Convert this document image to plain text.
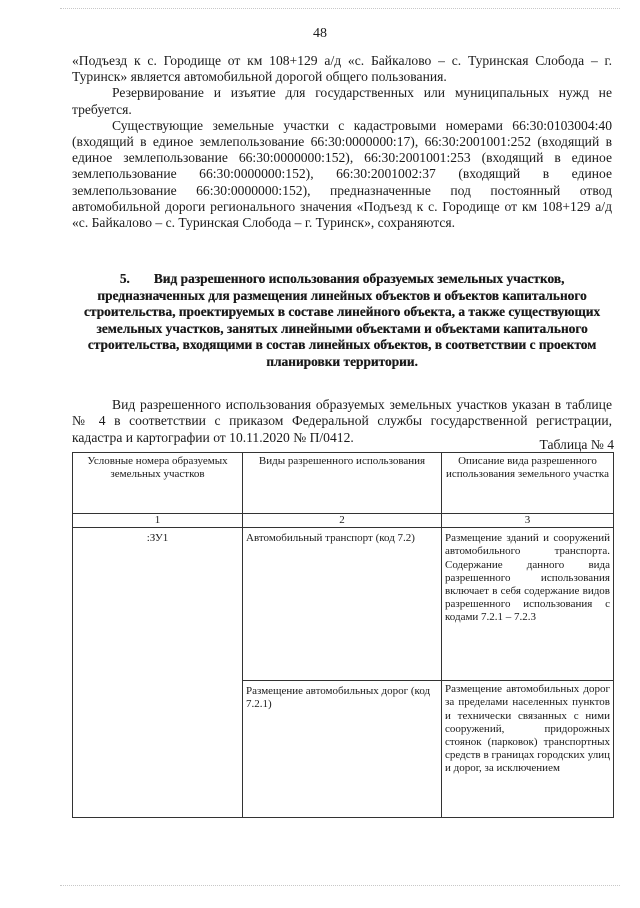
48

«Подъезд к с. Городище от км 108+129 а/д «с. Байкалово – с. Туринская Слобода – г. Туринск» является автомобильной дорогой общего пользования.

Резервирование и изъятие для государственных или муниципальных нужд не требуется.

Существующие земельные участки с кадастровыми номерами 66:30:0103004:40 (входящий в единое землепользование 66:30:0000000:17), 66:30:2001001:252 (входящий в единое землепользование 66:30:0000000:152), 66:30:2001001:253 (входящий в единое землепользование 66:30:0000000:152), 66:30:2001002:37 (входящий в единое землепользование 66:30:0000000:152), предназначенные под постоянный отвод автомобильной дороги регионального значения «Подъезд к с. Городище от км 108+129 а/д «с. Байкалово – с. Туринская Слобода – г. Туринск», сохраняются.

5. Вид разрешенного использования образуемых земельных участков, предназначенных для размещения линейных объектов и объектов капитального строительства, проектируемых в составе линейного объекта, а также существующих земельных участков, занятых линейными объектами и объектами капитального строительства, входящими в состав линейных объектов, в соответствии с проектом планировки территории.

Вид разрешенного использования образуемых земельных участков указан в таблице № 4 в соответствии с приказом Федеральной службы государственной регистрации, кадастра и картографии от 10.11.2020 № П/0412.	Таблица № 4
Условные номера образуемых земельных участков	Виды разрешенного использования	Описание вида разрешенного использования земельного участка
1	2	3
:ЗУ1	Автомобильный транспорт (код 7.2)	Размещение зданий и сооружений автомобильного транспорта. Содержание данного вида разрешенного использования включает в себя содержание видов разрешенного использования с кодами 7.2.1 – 7.2.3
	Размещение автомобильных дорог (код 7.2.1)	Размещение автомобильных дорог за пределами населенных пунктов и технически связанных с ними сооружений, придорожных стоянок (парковок) транспортных средств в границах городских улиц и дорог, за исключением
